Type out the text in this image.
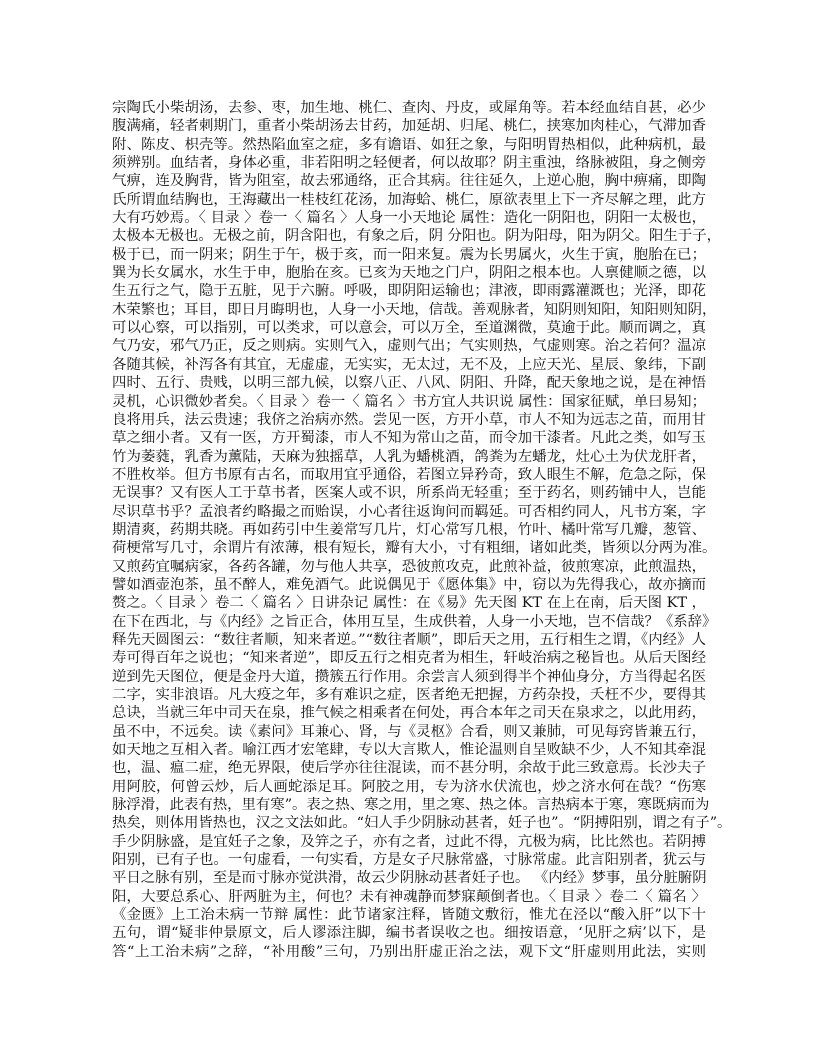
宗陶氏小柴胡汤，去参、枣，加生地、桃仁、查肉、丹皮，或犀角等。若本经血结自甚，必少
腹满痛，轻者刺期门，重者小柴胡汤去甘药，加延胡、归尾、桃仁，挟寒加肉桂心，气滞加香
附、陈皮、枳壳等。然热陷血室之症，多有谵语、如狂之象，与阳明胃热相似，此种病机，最
须辨别。血结者，身体必重，非若阳明之轻便者，何以故耶？阴主重浊，络脉被阻，身之侧旁
气痹，连及胸背，皆为阻室，故去邪通络，正合其病。往往延久，上逆心胞，胸中痹痛，即陶
氏所谓血结胸也，王海藏出一桂枝红花汤，加海蛤、桃仁，原欲表里上下一齐尽解之理，此方
大有巧妙焉。〈 目录 〉卷一〈 篇名 〉人身一小天地论 属性：造化一阴阳也，阴阳一太极也，
太极本无极也。无极之前，阴含阳也，有象之后，阴 分阳也。阴为阳母，阳为阴父。阳生于子，
极于已，而一阴来；阴生于午，极于亥，而一阳来复。震为长男属火，火生于寅，胞胎在已；
巽为长女属水，水生于申，胞胎在亥。已亥为天地之门户，阴阳之根本也。人禀健顺之德，以
生五行之气，隐于五脏，见于六腑。呼吸，即阴阳运输也；津液，即雨露灌溉也；光泽，即花
木荣繁也；耳目，即日月晦明也，人身一小天地，信哉。善观脉者，知阴则知阳，知阳则知阴，
可以心察，可以指别，可以类求，可以意会，可以万全，至道渊微，莫逾于此。顺而调之，真
气乃安，邪气乃正，反之则病。实则气入，虚则气出；气实则热，气虚则寒。治之若何？温凉
各随其候，补泻各有其宜，无虚虚，无实实，无太过，无不及，上应天光、星辰、象纬，下副
四时、五行、贵贱，以明三部九候，以察八正、八风、阴阳、升降，配天象地之说，是在神悟
灵机，心识微妙者矣。〈 目录 〉卷一〈 篇名 〉书方宜人共识说 属性：国家征赋，单曰易知；
良将用兵，法云贵速；我侪之治病亦然。尝见一医，方开小草，市人不知为远志之苗，而用甘
草之细小者。又有一医，方开蜀漆，市人不知为常山之苗，而令加干漆者。凡此之类，如写玉
竹为萎蕤，乳香为薰陆，天麻为独摇草，人乳为蟠桃酒，鸽粪为左蟠龙，灶心土为伏龙肝者，
不胜枚举。但方书原有古名，而取用宜乎通俗，若图立异矜奇，致人眼生不解，危急之际，保
无误事？又有医人工于草书者，医案人或不识，所系尚无轻重；至于药名，则药铺中人，岂能
尽识草书乎？孟浪者约略撮之而贻误，小心者往返询问而羁延。可否相约同人，凡书方案，字
期清爽，药期共晓。再如药引中生姜常写几片，灯心常写几根，竹叶、橘叶常写几瓣，葱管、
荷梗常写几寸，余谓片有浓薄，根有短长，瓣有大小，寸有粗细，诸如此类，皆须以分两为准。
又煎药宜嘱病家，各药各罐，勿与他人共享，恐彼煎攻克，此煎补益，彼煎寒凉，此煎温热，
譬如酒壶泡茶，虽不醉人，难免酒气。此说偶见于《愿体集》中，窃以为先得我心，故亦摘而
赘之。〈 目录 〉卷二〈 篇名 〉日讲杂记 属性：在《易》先天图 KT 在上在南，后天图 KT ，
在下在西北，与《内经》之旨正合，体用互呈，生成供着，人身一小天地，岂不信哉？《系辞》
释先天圆图云：“数往者顺，知来者逆。”“数往者顺”，即后天之用，五行相生之谓，《内经》人
寿可得百年之说也；“知来者逆”，即反五行之相克者为相生，轩岐治病之秘旨也。从后天图经
逆到先天图位，便是金丹大道，攒簇五行作用。余尝言人须到得半个神仙身分，方当得起名医
二字，实非浪语。凡大疫之年，多有难识之症，医者绝无把握，方药杂投，夭枉不少，要得其
总诀，当就三年中司天在泉，推气候之相乘者在何处，再合本年之司天在泉求之，以此用药，
虽不中，不远矣。读《素问》耳兼心、肾，与《灵枢》合看，则又兼肺，可见每窍皆兼五行，
如天地之互相入者。喻江西才宏笔肆，专以大言欺人，惟论温则自呈败缺不少，人不知其牵混
也，温、瘟二症，绝无界限，使后学亦往往混读，而不甚分明，余故于此三致意焉。长沙夫子
用阿胶，何曾云炒，后人画蛇添足耳。阿胶之用，专为济水伏流也，炒之济水何在哉？“伤寒
脉浮滑，此表有热，里有寒”。表之热、寒之用，里之寒、热之体。言热病本于寒，寒既病而为
热矣，则体用皆热也，汉之文法如此。“妇人手少阴脉动甚者，妊子也”。“阴搏阳别，谓之有子”。
手少阴脉盛，是宜妊子之象，及笄之子，亦有之者，过此不得，亢极为病，比比然也。若阴搏
阳别，已有子也。一句虚看，一句实看，方是女子尺脉常盛，寸脉常虚。此言阳别者，犹云与
平日之脉有别，至是而寸脉亦觉洪滑，故云少阴脉动甚者妊子也。 《内经》梦事，虽分脏腑阴
阳，大要总系心、肝两脏为主，何也？未有神魂静而梦寐颠倒者也。〈 目录 〉卷二〈 篇名 〉
《金匮》上工治未病一节辩 属性：此节诸家注释，皆随文敷衍，惟尤在泾以“酸入肝”以下十
五句，谓“疑非仲景原文，后人谬添注脚，编书者误收之也。细按语意，‘见肝之病’以下，是
答“上工治未病”之辞，“补用酸”三句，乃别出肝虚正治之法，观下文“肝虚则用此法，实则
